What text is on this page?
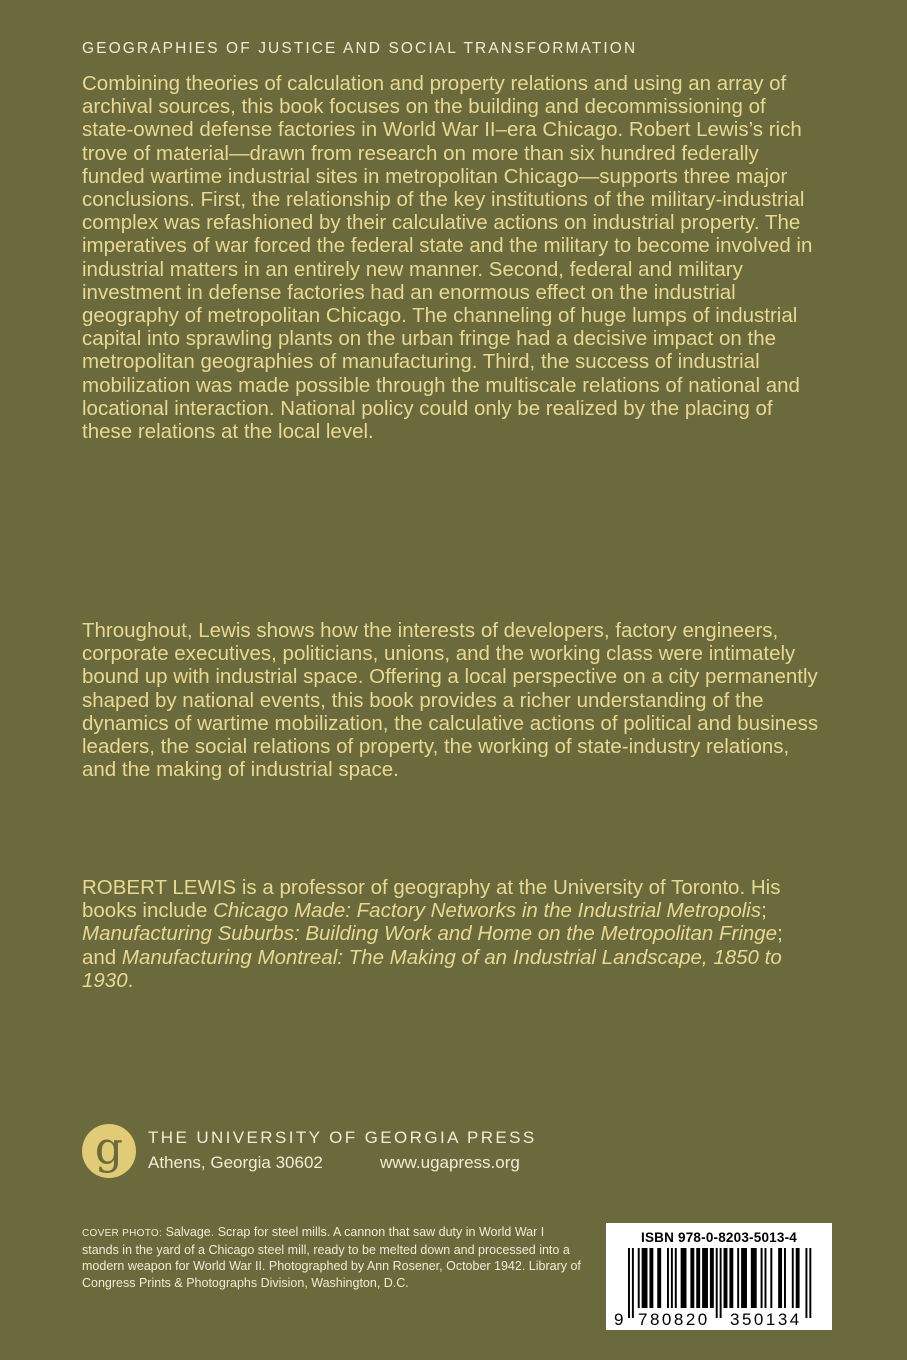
GEOGRAPHIES OF JUSTICE AND SOCIAL TRANSFORMATION

Combining theories of calculation and property relations and using an array of archival sources, this book focuses on the building and decommissioning of state-owned defense factories in World War II–era Chicago. Robert Lewis’s rich trove of material—drawn from research on more than six hundred federally funded wartime industrial sites in metropolitan Chicago—supports three major conclusions. First, the relationship of the key institutions of the military-industrial complex was refashioned by their calculative actions on industrial property. The imperatives of war forced the federal state and the military to become involved in industrial matters in an entirely new manner. Second, federal and military investment in defense factories had an enormous effect on the industrial geography of metropolitan Chicago. The channeling of huge lumps of industrial capital into sprawling plants on the urban fringe had a decisive impact on the metropolitan geographies of manufacturing. Third, the success of industrial mobilization was made possible through the multiscale relations of national and locational interaction. National policy could only be realized by the placing of these relations at the local level.

Throughout, Lewis shows how the interests of developers, factory engineers, corporate executives, politicians, unions, and the working class were intimately bound up with industrial space. Offering a local perspective on a city permanently shaped by national events, this book provides a richer understanding of the dynamics of wartime mobilization, the calculative actions of political and business leaders, the social relations of property, the working of state-industry relations, and the making of industrial space.

ROBERT LEWIS is a professor of geography at the University of Toronto. His books include Chicago Made: Factory Networks in the Industrial Metropolis; Manufacturing Suburbs: Building Work and Home on the Metropolitan Fringe; and Manufacturing Montreal: The Making of an Industrial Landscape, 1850 to 1930.

g	THE UNIVERSITY OF GEORGIA PRESS
Athens, Georgia 30602	www.ugapress.org
COVER PHOTO: Salvage. Scrap for steel mills. A cannon that saw duty in World War I stands in the yard of a Chicago steel mill, ready to be melted down and processed into a modern weapon for World War II. Photographed by Ann Rosener, October 1942. Library of Congress Prints & Photographs Division, Washington, D.C.
ISBN 978-0-8203-5013-4
9 780820 350134
